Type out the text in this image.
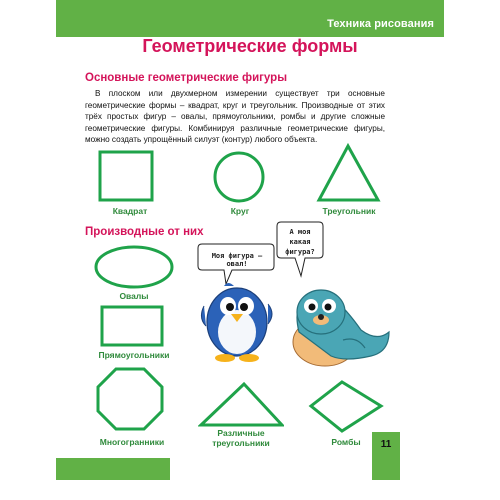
Техника рисования
Геометрические формы
Основные геометрические фигуры
В плоском или двухмерном измерении существует три основные геометрические формы – квадрат, круг и треугольник. Производные от этих трёх простых фигур – овалы, прямоугольники, ромбы и другие сложные геометрические фигуры. Комбинируя различные геометрические фигуры, можно создать упрощённый силуэт (контур) любого объекта.
Квадрат	Круг	Треугольник
Производные от них
Овалы
Прямоугольники
Многогранники
Различные треугольники	Ромбы
Моя фигура – овал!
А моя какая фигура?
11
